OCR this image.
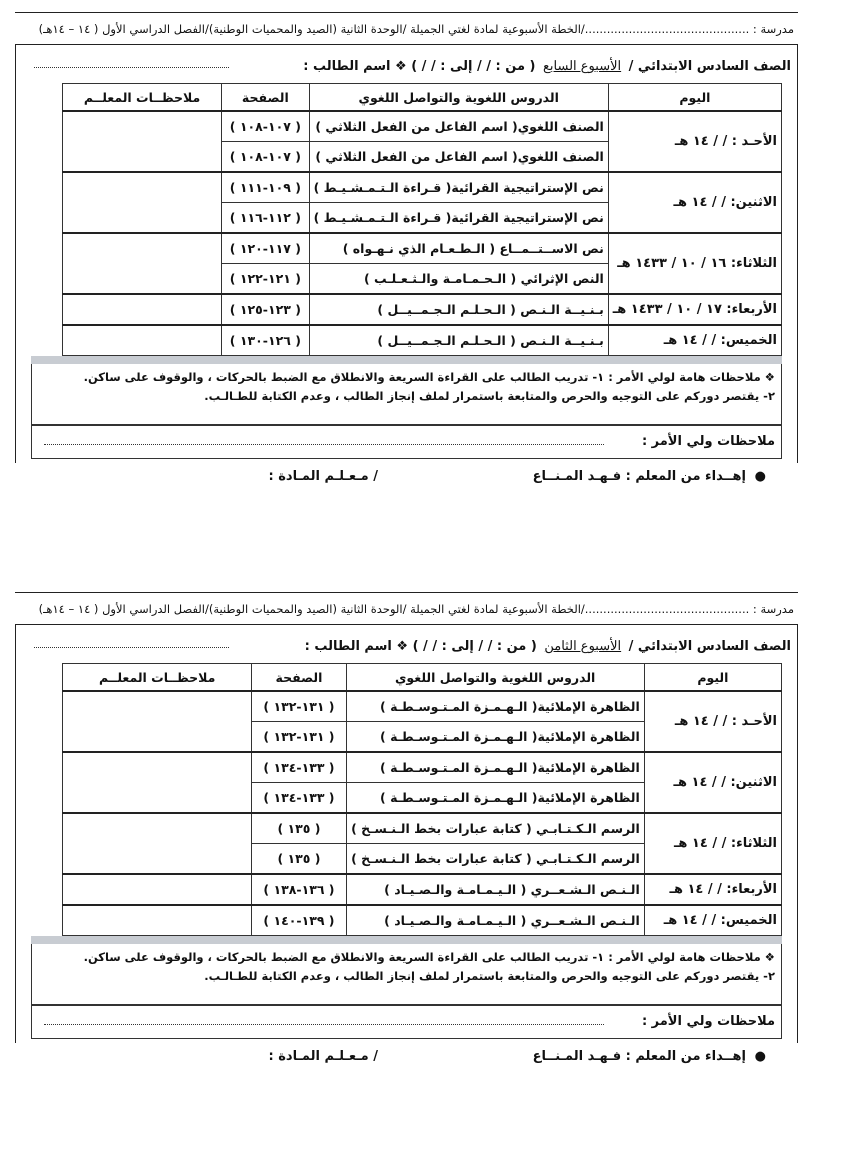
مدرسة : ............................................./الخطة الأسبوعية لمادة لغتي الجميلة /الوحدة الثانية (الصيد والمحميات الوطنية)/الفصل الدراسي الأول ( ١٤ – ١٤هـ)
الصف السادس الابتدائي / الأسبوع السابع ( من : / / إلى : / / ) ❖ اسم الطالب :
اليوم	الدروس اللغوية والتواصل اللغوي	الصفحة	ملاحظــات المعلــم
الأحـد : / / ١٤ هـ	الصنف اللغوي( اسم الفاعل من الفعل الثلاثي )	( ١٠٧-١٠٨ )	
	الصنف اللغوي( اسم الفاعل من الفعل الثلاثي )	( ١٠٧-١٠٨ )	
الاثنين: / / ١٤ هـ	نص الإستراتيجية القرائية( قـراءة الـتـمـشـيـط )	( ١٠٩-١١١ )	
	نص الإستراتيجية القرائية( قـراءة الـتـمـشـيـط )	( ١١٢-١١٦ )	
الثلاثاء: ١٦ / ١٠ / ١٤٣٣ هـ	نص الاســتــمــاع ( الـطـعـام الذي نـهـواه )	( ١١٧-١٢٠ )	
	النص الإثرائي ( الـحـمـامـة والـثـعـلـب )	( ١٢١-١٢٢ )	
الأربعاء: ١٧ / ١٠ / ١٤٣٣ هـ	بـنـيــة الـنـص ( الـحـلـم الـجـمــيــل )	( ١٢٣-١٢٥ )	
الخميس: / / ١٤ هـ	بـنـيــة الـنـص ( الـحـلـم الـجـمــيــل )	( ١٢٦-١٣٠ )	
❖ ملاحظات هامة لولي الأمر : ١- تدريب الطالب على القراءة السريعة والانطلاق مع الضبط بالحركات ، والوقوف على ساكن.
٢- يقتصر دوركم على التوجيه والحرص والمتابعة باستمرار لملف إنجاز الطالب ، وعدم الكتابة للطـالـب.
ملاحظات ولي الأمر :
●
إهــداء من المعلم : فـهـد المـنــاع
/ مـعـلـم المـادة :
مدرسة : ............................................./الخطة الأسبوعية لمادة لغتي الجميلة /الوحدة الثانية (الصيد والمحميات الوطنية)/الفصل الدراسي الأول ( ١٤ – ١٤هـ)
الصف السادس الابتدائي / الأسبوع الثامن ( من : / / إلى : / / ) ❖ اسم الطالب :
اليوم	الدروس اللغوية والتواصل اللغوي	الصفحة	ملاحظــات المعلــم
الأحـد : / / ١٤ هـ	الظاهرة الإملائية( الـهـمـزة المـتـوسـطـة )	( ١٣١-١٣٢ )	
	الظاهرة الإملائية( الـهـمـزة المـتـوسـطـة )	( ١٣١-١٣٢ )	
الاثنين: / / ١٤ هـ	الظاهرة الإملائية( الـهـمـزة المـتـوسـطـة )	( ١٣٣-١٣٤ )	
	الظاهرة الإملائية( الـهـمـزة المـتـوسـطـة )	( ١٣٣-١٣٤ )	
الثلاثاء: / / ١٤ هـ	الرسم الـكـتـابـي ( كتابة عبارات بخط الـنـسـخ )	( ١٣٥ )	
	الرسم الـكـتـابـي ( كتابة عبارات بخط الـنـسـخ )	( ١٣٥ )	
الأربعاء: / / ١٤ هـ	الـنـص الـشـعــري ( الـيـمـامـة والـصـيـاد )	( ١٣٦-١٣٨ )	
الخميس: / / ١٤ هـ	الـنـص الـشـعــري ( الـيـمـامـة والـصـيـاد )	( ١٣٩-١٤٠ )	
❖ ملاحظات هامة لولي الأمر : ١- تدريب الطالب على القراءة السريعة والانطلاق مع الضبط بالحركات ، والوقوف على ساكن.
٢- يقتصر دوركم على التوجيه والحرص والمتابعة باستمرار لملف إنجاز الطالب ، وعدم الكتابة للطـالـب.
ملاحظات ولي الأمر :
●
إهــداء من المعلم : فـهـد المـنــاع
/ مـعـلـم المـادة :
